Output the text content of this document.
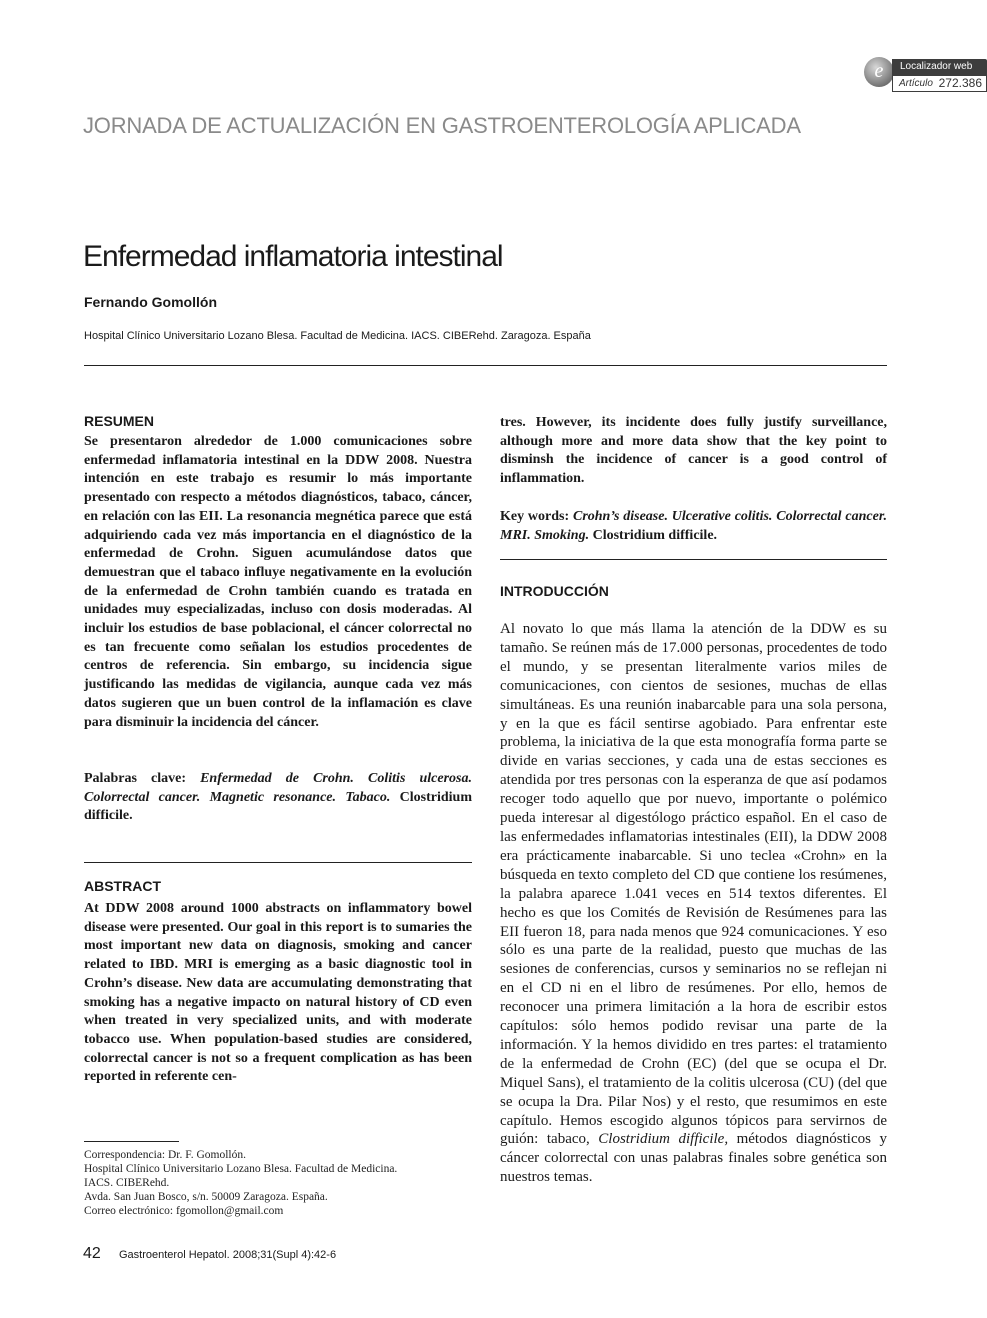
e	Localizador web
Artículo 272.386
JORNADA DE ACTUALIZACIÓN EN GASTROENTEROLOGÍA APLICADA
Enfermedad inflamatoria intestinal
Fernando Gomollón
Hospital Clínico Universitario Lozano Blesa. Facultad de Medicina. IACS. CIBERehd. Zaragoza. España
RESUMEN
Se presentaron alrededor de 1.000 comunicaciones sobre enfermedad inflamatoria intestinal en la DDW 2008. Nuestra intención en este trabajo es resumir lo más importante presentado con respecto a métodos diagnósticos, tabaco, cáncer, en relación con las EII. La resonancia megnética parece que está adquiriendo cada vez más importancia en el diagnóstico de la enfermedad de Crohn. Siguen acumulándose datos que demuestran que el tabaco influye negativamente en la evolución de la enfermedad de Crohn también cuando es tratada en unidades muy especializadas, incluso con dosis moderadas. Al incluir los estudios de base poblacional, el cáncer colorrectal no es tan frecuente como señalan los estudios procedentes de centros de referencia. Sin embargo, su incidencia sigue justificando las medidas de vigilancia, aunque cada vez más datos sugieren que un buen control de la inflamación es clave para disminuir la incidencia del cáncer.
Palabras clave: Enfermedad de Crohn. Colitis ulcerosa. Colorrectal cancer. Magnetic resonance. Tabaco. Clostridium difficile.
ABSTRACT
At DDW 2008 around 1000 abstracts on inflammatory bowel disease were presented. Our goal in this report is to sumaries the most important new data on diagnosis, smoking and cancer related to IBD. MRI is emerging as a basic diagnostic tool in Crohn’s disease. New data are accumulating demonstrating that smoking has a negative impacto on natural history of CD even when treated in very specialized units, and with moderate tobacco use. When population-based studies are considered, colorrectal cancer is not so a frequent complication as has been reported in referente cen-
Correspondencia: Dr. F. Gomollón.
Hospital Clínico Universitario Lozano Blesa. Facultad de Medicina.
IACS. CIBERehd.
Avda. San Juan Bosco, s/n. 50009 Zaragoza. España.
Correo electrónico: fgomollon@gmail.com
tres. However, its incidente does fully justify surveillance, although more and more data show that the key point to disminsh the incidence of cancer is a good control of inflammation.
Key words: Crohn’s disease. Ulcerative colitis. Colorrectal cancer. MRI. Smoking. Clostridium difficile.
INTRODUCCIÓN
Al novato lo que más llama la atención de la DDW es su tamaño. Se reúnen más de 17.000 personas, procedentes de todo el mundo, y se presentan literalmente varios miles de comunicaciones, con cientos de sesiones, muchas de ellas simultáneas. Es una reunión inabarcable para una sola persona, y en la que es fácil sentirse agobiado. Para enfrentar este problema, la iniciativa de la que esta monografía forma parte se divide en varias secciones, y cada una de estas secciones es atendida por tres personas con la esperanza de que así podamos recoger todo aquello que por nuevo, importante o polémico pueda interesar al digestólogo práctico español. En el caso de las enfermedades inflamatorias intestinales (EII), la DDW 2008 era prácticamente inabarcable. Si uno teclea «Crohn» en la búsqueda en texto completo del CD que contiene los resúmenes, la palabra aparece 1.041 veces en 514 textos diferentes. El hecho es que los Comités de Revisión de Resúmenes para las EII fueron 18, para nada menos que 924 comunicaciones. Y eso sólo es una parte de la realidad, puesto que muchas de las sesiones de conferencias, cursos y seminarios no se reflejan ni en el CD ni en el libro de resúmenes. Por ello, hemos de reconocer una primera limitación a la hora de escribir estos capítulos: sólo hemos podido revisar una parte de la información. Y la hemos dividido en tres partes: el tratamiento de la enfermedad de Crohn (EC) (del que se ocupa el Dr. Miquel Sans), el tratamiento de la colitis ulcerosa (CU) (del que se ocupa la Dra. Pilar Nos) y el resto, que resumimos en este capítulo. Hemos escogido algunos tópicos para servirnos de guión: tabaco, Clostridium difficile, métodos diagnósticos y cáncer colorrectal con unas palabras finales sobre genética son nuestros temas.
42 Gastroenterol Hepatol. 2008;31(Supl 4):42-6
